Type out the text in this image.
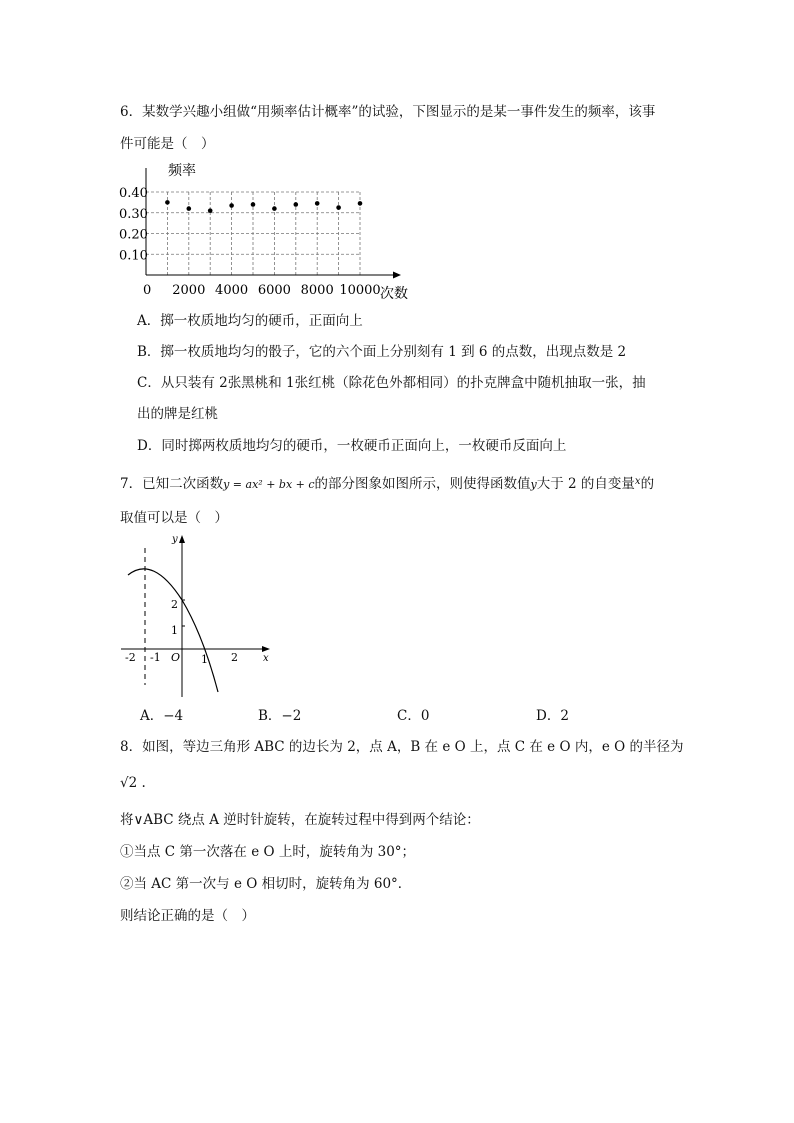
6．某数学兴趣小组做“用频率估计概率”的试验，下图显示的是某一事件发生的频率，该事
件可能是（　）
频率
次数
0.40
0.30
0.20
0.10
0 2000 4000 6000 8000 10000
A．掷一枚质地均匀的硬币，正面向上
B．掷一枚质地均匀的骰子，它的六个面上分别刻有 1 到 6 的点数，出现点数是 2
C．从只装有 2张黑桃和 1张红桃（除花色外都相同）的扑克牌盒中随机抽取一张，抽
出的牌是红桃
D．同时掷两枚质地均匀的硬币，一枚硬币正面向上，一枚硬币反面向上
7．已知二次函数y = ax² + bx + c的部分图象如图所示，则使得函数值y大于 2 的自变量$^x$的
取值可以是（　）
y
x
O
-2 -1	1 2
1
2
A．−4	B．−2	C．0	D．2
8．如图，等边三角形 ABC 的边长为 2，点 A，B 在 e O 上，点 C 在 e O 内，e O 的半径为
√2 .
将∨ABC 绕点 A 逆时针旋转，在旋转过程中得到两个结论：
①当点 C 第一次落在 e O 上时，旋转角为 30°；
②当 AC 第一次与 e O 相切时，旋转角为 60°．
则结论正确的是（　）
